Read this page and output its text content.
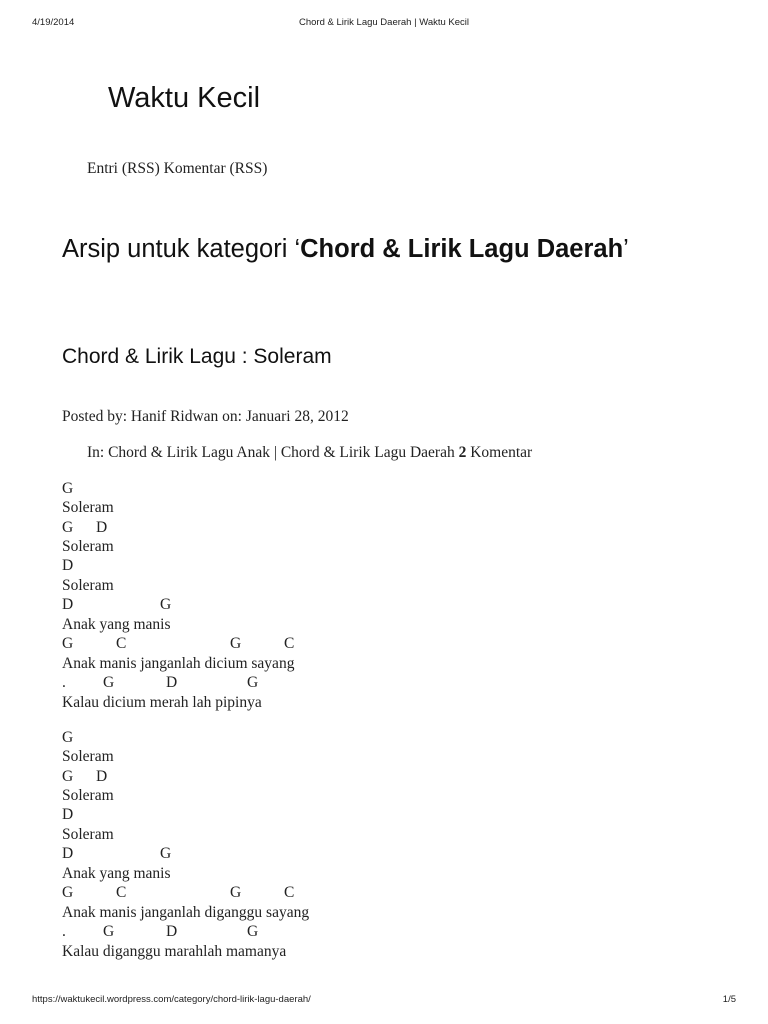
4/19/2014	Chord & Lirik Lagu Daerah | Waktu Kecil
Waktu Kecil
Entri (RSS) Komentar (RSS)
Arsip untuk kategori ‘Chord & Lirik Lagu Daerah’
Chord & Lirik Lagu : Soleram
Posted by: Hanif Ridwan on: Januari 28, 2012
In: Chord & Lirik Lagu Anak | Chord & Lirik Lagu Daerah 2 Komentar
G
Soleram
G D
Soleram
D
Soleram
D	G
Anak yang manis
G	C	G	C
Anak manis janganlah dicium sayang
. G	D	G
Kalau dicium merah lah pipinya
G
Soleram
G D
Soleram
D
Soleram
D	G
Anak yang manis
G	C	G	C
Anak manis janganlah diganggu sayang
. G	D	G
Kalau diganggu marahlah mamanya
https://waktukecil.wordpress.com/category/chord-lirik-lagu-daerah/	1/5
